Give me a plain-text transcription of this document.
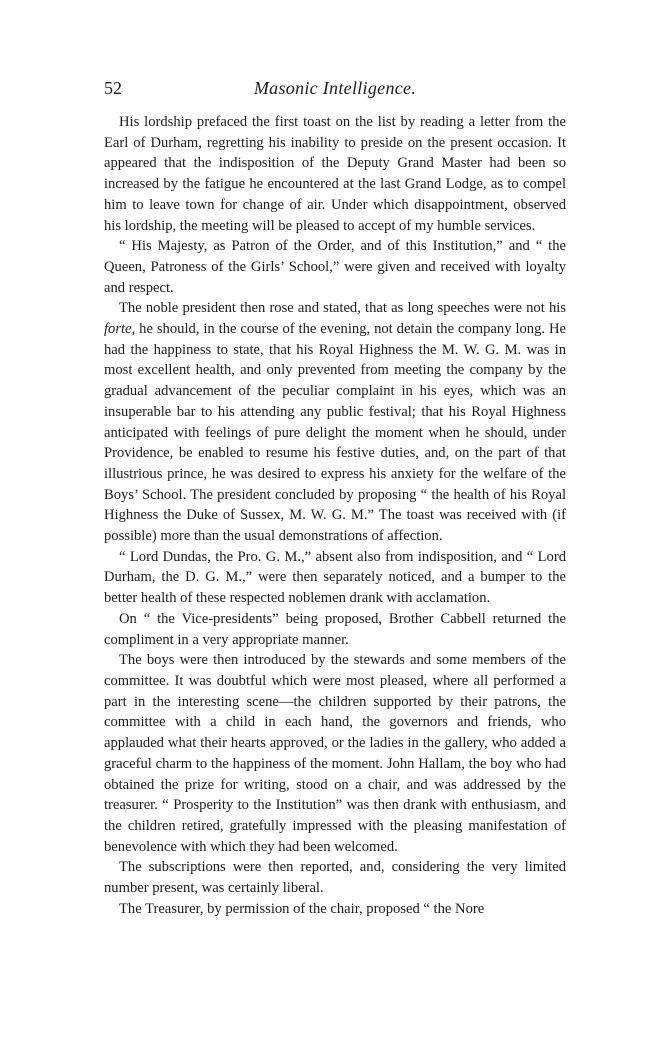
52	Masonic Intelligence.

His lordship prefaced the first toast on the list by reading a letter from the Earl of Durham, regretting his inability to preside on the present occasion. It appeared that the indisposition of the Deputy Grand Master had been so increased by the fatigue he encountered at the last Grand Lodge, as to compel him to leave town for change of air. Under which disappointment, observed his lordship, the meeting will be pleased to accept of my humble services.

“ His Majesty, as Patron of the Order, and of this Institution,” and “ the Queen, Patroness of the Girls’ School,” were given and received with loyalty and respect.

The noble president then rose and stated, that as long speeches were not his forte, he should, in the course of the evening, not detain the company long. He had the happiness to state, that his Royal Highness the M. W. G. M. was in most excellent health, and only prevented from meeting the company by the gradual advancement of the peculiar complaint in his eyes, which was an insuperable bar to his attending any public festival; that his Royal Highness anticipated with feelings of pure delight the moment when he should, under Providence, be enabled to resume his festive duties, and, on the part of that illustrious prince, he was desired to express his anxiety for the welfare of the Boys’ School. The president concluded by proposing “ the health of his Royal Highness the Duke of Sussex, M. W. G. M.” The toast was received with (if possible) more than the usual demonstrations of affection.

“ Lord Dundas, the Pro. G. M.,” absent also from indisposition, and “ Lord Durham, the D. G. M.,” were then separately noticed, and a bumper to the better health of these respected noblemen drank with acclamation.

On “ the Vice-presidents” being proposed, Brother Cabbell returned the compliment in a very appropriate manner.

The boys were then introduced by the stewards and some members of the committee. It was doubtful which were most pleased, where all performed a part in the interesting scene—the children supported by their patrons, the committee with a child in each hand, the governors and friends, who applauded what their hearts approved, or the ladies in the gallery, who added a graceful charm to the happiness of the moment. John Hallam, the boy who had obtained the prize for writing, stood on a chair, and was addressed by the treasurer. “ Prosperity to the Institution” was then drank with enthusiasm, and the children retired, gratefully impressed with the pleasing manifestation of benevolence with which they had been welcomed.

The subscriptions were then reported, and, considering the very limited number present, was certainly liberal.

The Treasurer, by permission of the chair, proposed “ the Nore
